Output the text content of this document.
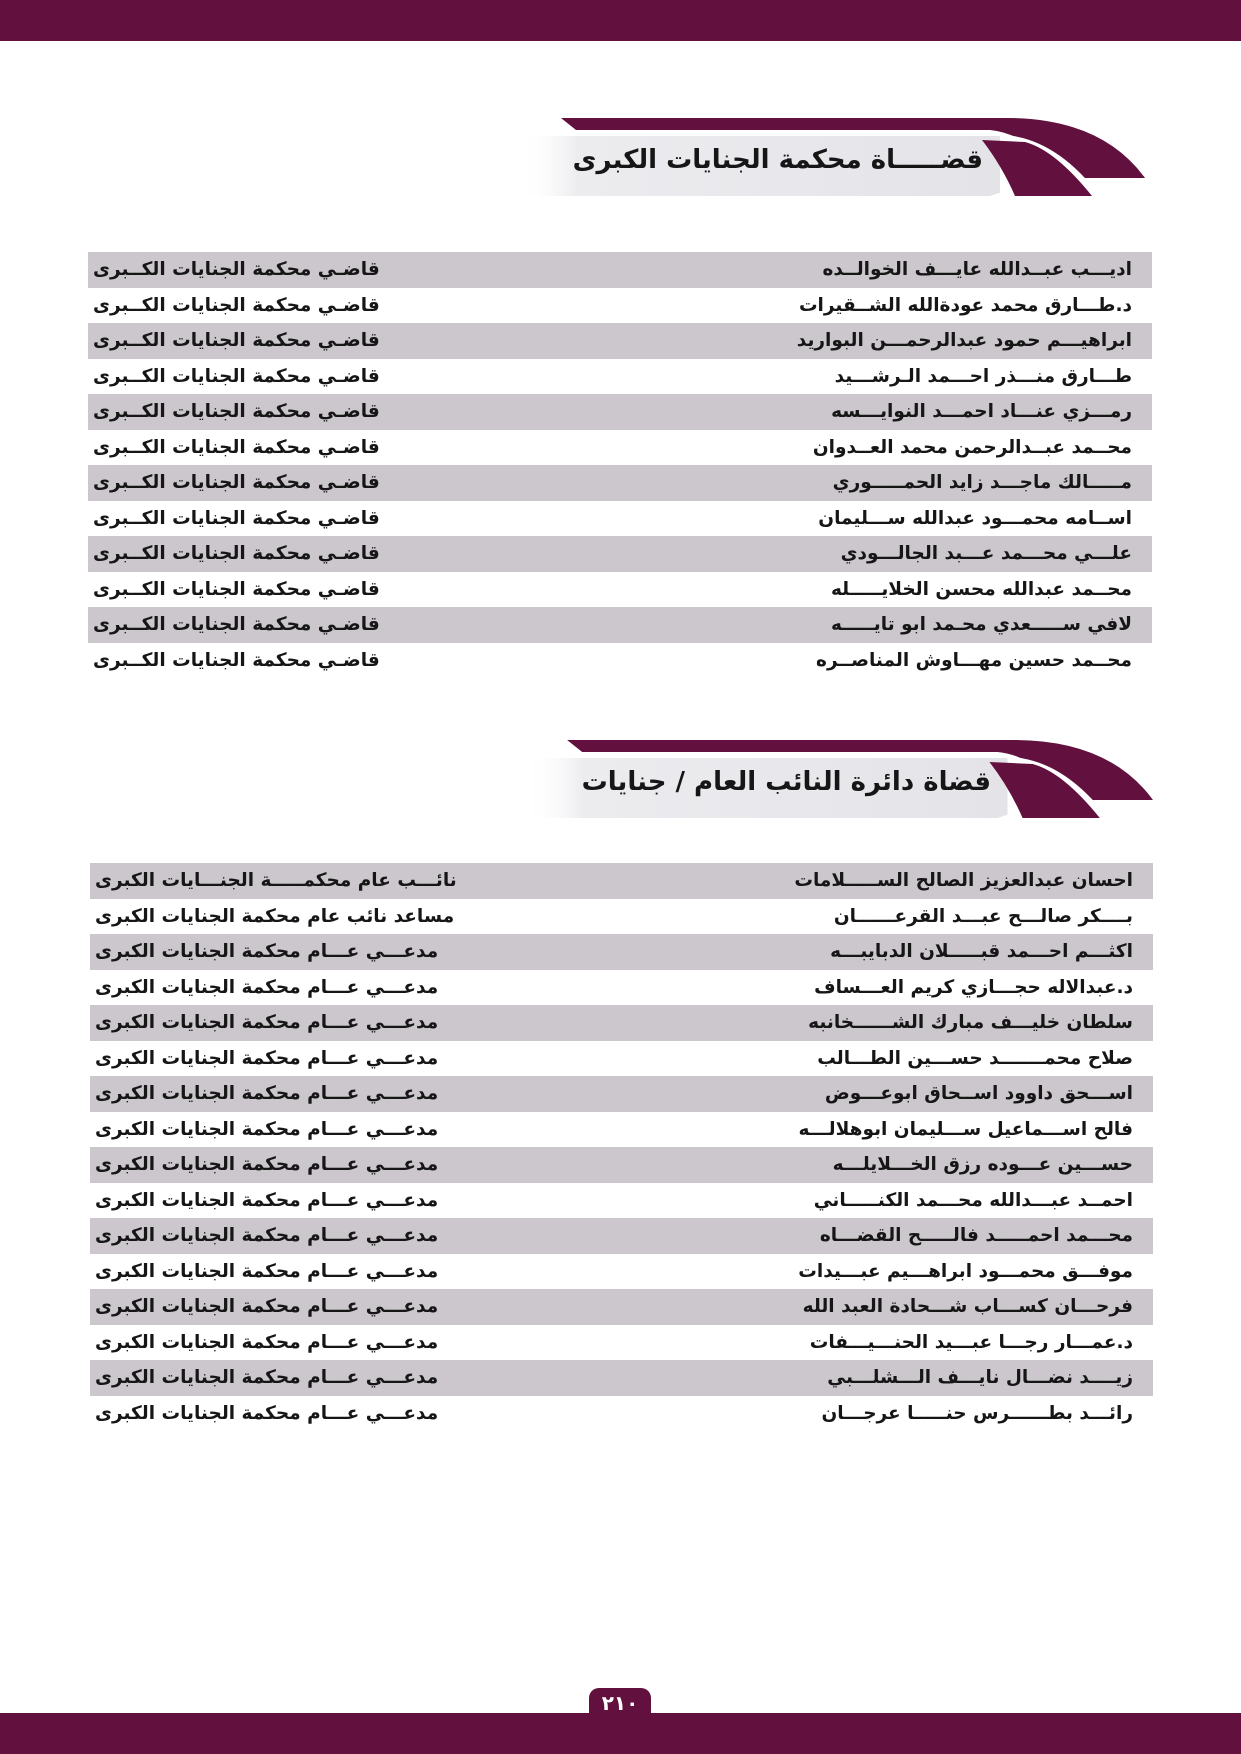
قضـــــاة محكمة الجنايات الكبرى
اديـــب عبــدالله عايـــف الخوالــده
قاضـي محكمة الجنايات الكــبرى
د.طـــارق محمد عودةالله الشــقيرات
قاضـي محكمة الجنايات الكــبرى
ابراهيـــم حمود عبدالرحمـــن البواريد
قاضـي محكمة الجنايات الكــبرى
طـــارق منـــذر احـــمد الـرشـــيد
قاضـي محكمة الجنايات الكــبرى
رمـــزي عنـــاد احمـــد النوايـــسه
قاضـي محكمة الجنايات الكــبرى
محــمد عبــدالرحمن محمد العــدوان
قاضـي محكمة الجنايات الكــبرى
مـــــالك ماجـــد زايد الحمـــــوري
قاضـي محكمة الجنايات الكــبرى
اســامه محمـــود عبدالله ســـليمان
قاضـي محكمة الجنايات الكــبرى
علـــي محـــمد عـــبد الجالـــودي
قاضـي محكمة الجنايات الكــبرى
محــمد عبدالله محسن الخلايـــــله
قاضـي محكمة الجنايات الكــبرى
لافي ســـــعدي محـمد ابو تايـــــه
قاضـي محكمة الجنايات الكــبرى
محــمد حسين مهـــاوش المناصــره
قاضـي محكمة الجنايات الكــبرى
قضاة دائرة النائب العام / جنايات
احسان عبدالعزيز الصالح الســـــلامات
نائـــب عام محكمـــــة الجنـــايات الكبرى
بــــكر صالـــح عبـــد القرعــــــان
مساعد نائب عام محكمة الجنايات الكبرى
اكثـــم احـــمد قبـــــلان الدبايبـــه
مدعـــي عـــام محكمة الجنايات الكبرى
د.عبدالاله حجـــازي كريم العـــساف
مدعـــي عـــام محكمة الجنايات الكبرى
سلطان خليـــف مبارك الشــــــخانبه
مدعـــي عـــام محكمة الجنايات الكبرى
صلاح محمـــــــد حســـين الطـــالب
مدعـــي عـــام محكمة الجنايات الكبرى
اســـحق داوود اســحاق ابوعـــوض
مدعـــي عـــام محكمة الجنايات الكبرى
فالح اســـماعيل ســـليمان ابوهلالـــه
مدعـــي عـــام محكمة الجنايات الكبرى
حســـين عـــوده رزق الخـــلايلـــه
مدعـــي عـــام محكمة الجنايات الكبرى
احمــد عبـــدالله محـــمد الكنـــــاني
مدعـــي عـــام محكمة الجنايات الكبرى
محـــمد احمـــــد فالـــــح القضـــاه
مدعـــي عـــام محكمة الجنايات الكبرى
موفـــق محمـــود ابراهـــيم عبـــيدات
مدعـــي عـــام محكمة الجنايات الكبرى
فرحـــان كســـاب شـــحادة العبد الله
مدعـــي عـــام محكمة الجنايات الكبرى
د.عمـــار رجـــا عبـــيد الحنـــيـــفات
مدعـــي عـــام محكمة الجنايات الكبرى
زيــــد نضـــال نايـــف الـــشلـــبي
مدعـــي عـــام محكمة الجنايات الكبرى
رائـــد بطــــــرس حنـــــا عرجـــان
مدعـــي عـــام محكمة الجنايات الكبرى
٢١٠
